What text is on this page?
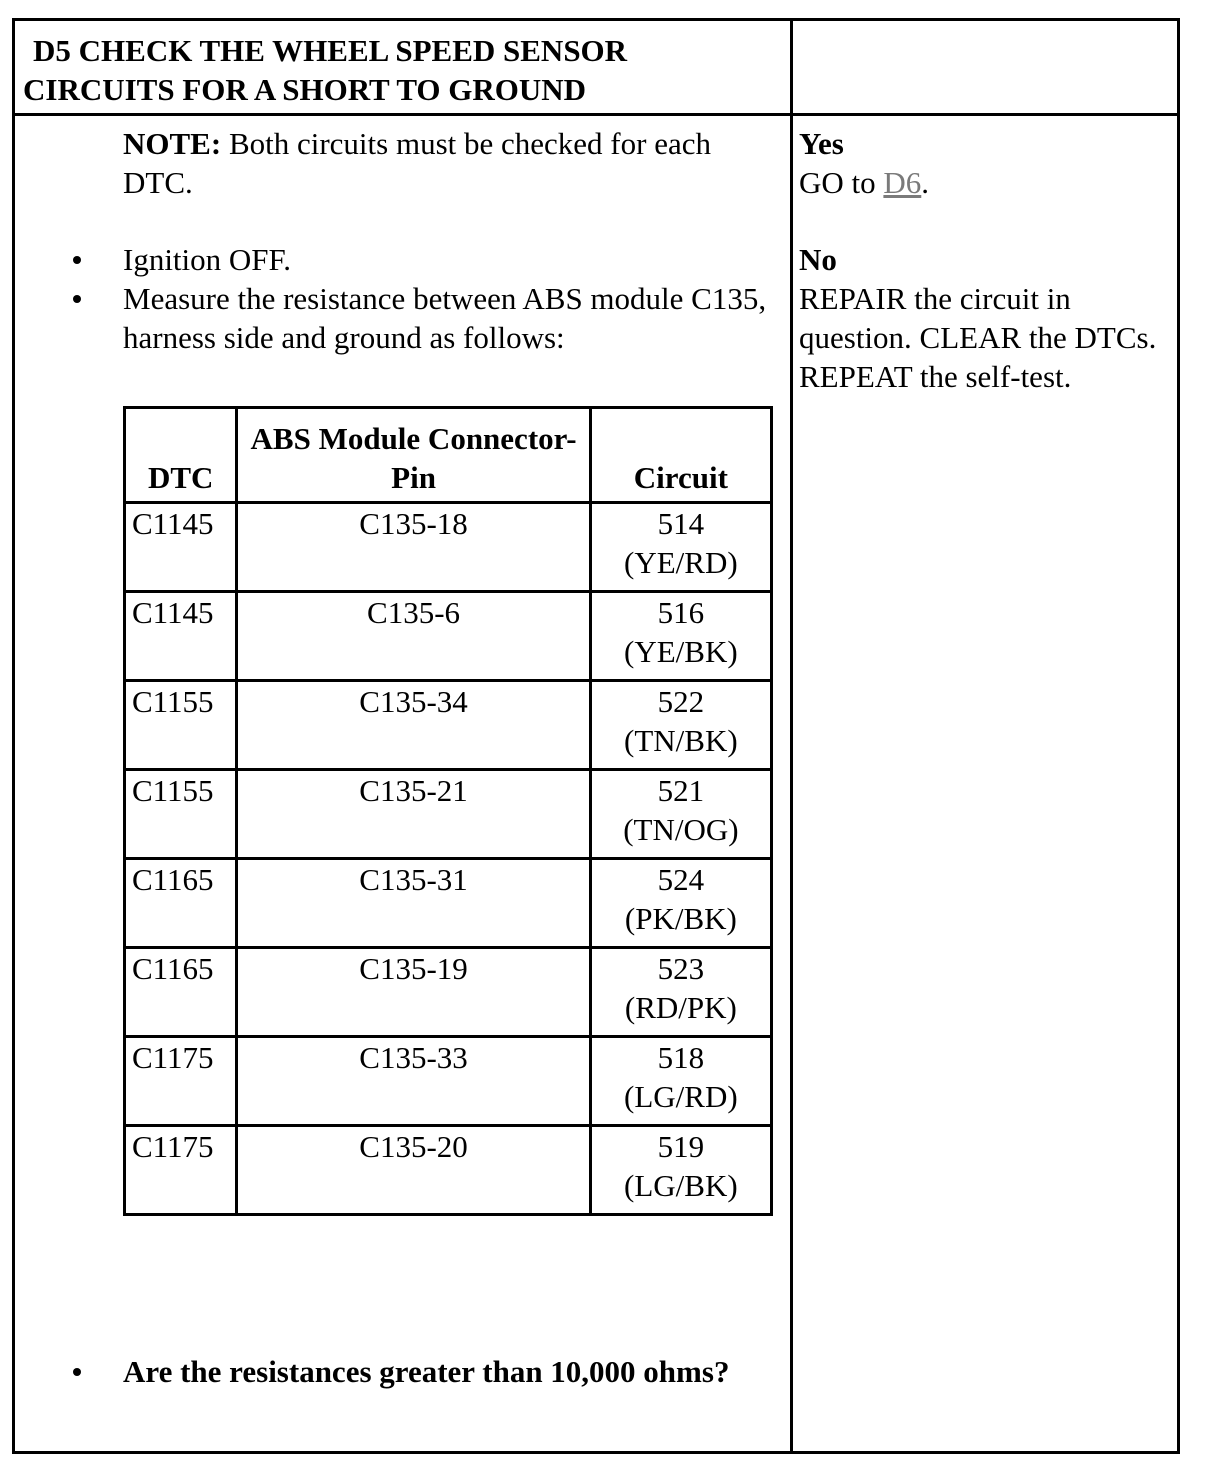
D5 CHECK THE WHEEL SPEED SENSOR
CIRCUITS FOR A SHORT TO GROUND
NOTE: Both circuits must be checked for each DTC.
Ignition OFF.
Measure the resistance between ABS module C135, harness side and ground as follows:
DTC	ABS Module Connector-Pin	Circuit
C1145	C135-18	514
(YE/RD)

C1145	C135-6	516
(YE/BK)

C1155	C135-34	522
(TN/BK)

C1155	C135-21	521
(TN/OG)

C1165	C135-31	524
(PK/BK)

C1165	C135-19	523
(RD/PK)

C1175	C135-33	518
(LG/RD)

C1175	C135-20	519
(LG/BK)
Are the resistances greater than 10,000 ohms?
Yes
GO to D6.
No
REPAIR the circuit in question. CLEAR the DTCs. REPEAT the self-test.
